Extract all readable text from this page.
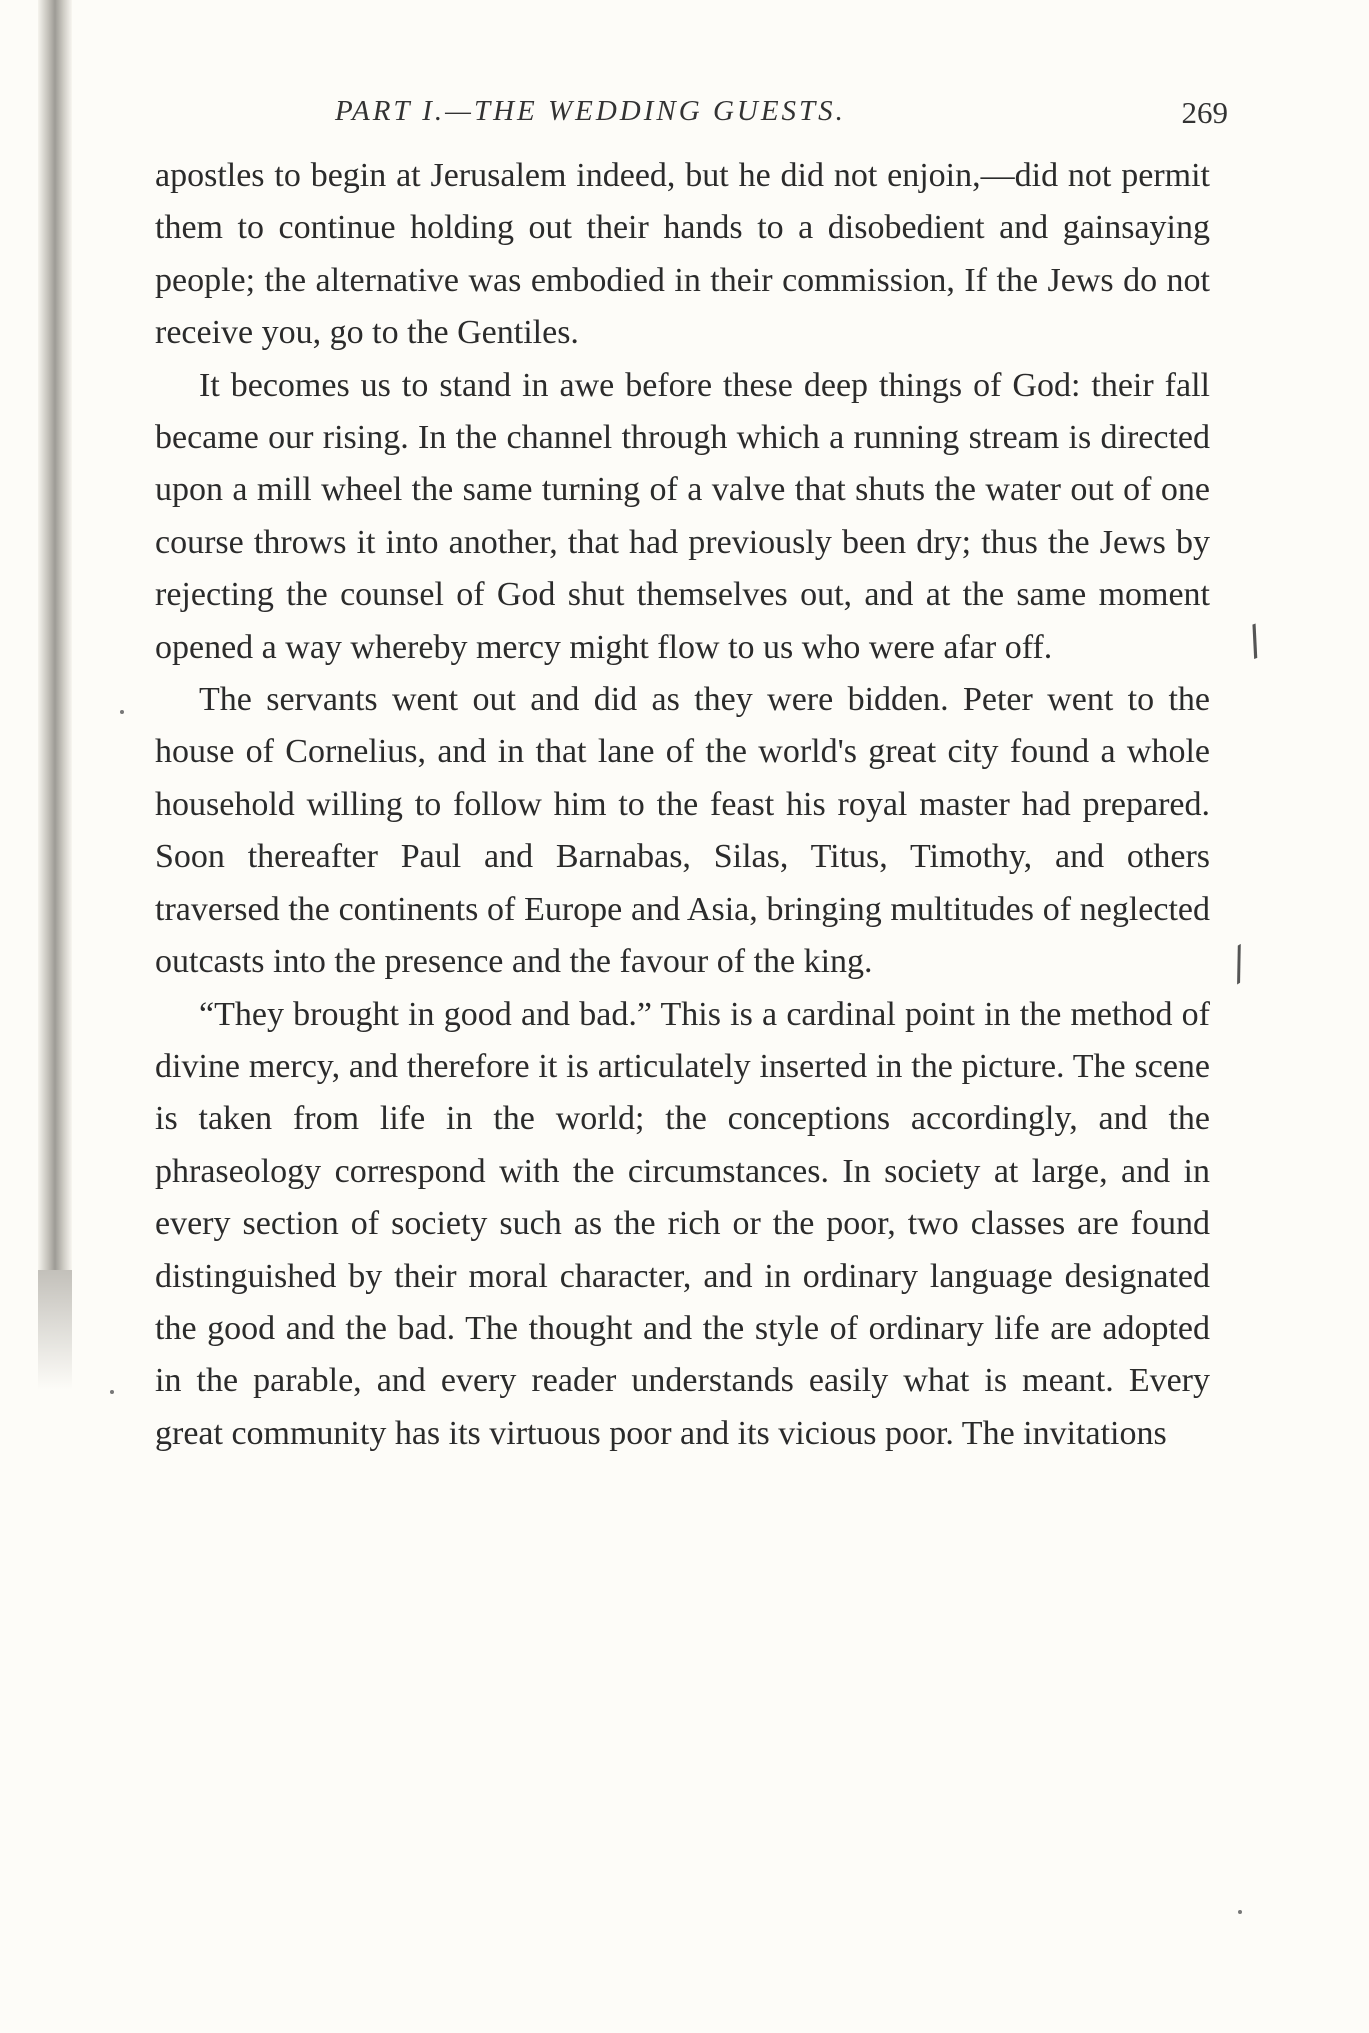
PART I.—THE WEDDING GUESTS.	269

apostles to begin at Jerusalem indeed, but he did not enjoin,—did not permit them to continue holding out their hands to a disobedient and gainsaying people; the alternative was embodied in their commission, If the Jews do not receive you, go to the Gentiles.

It becomes us to stand in awe before these deep things of God: their fall became our rising. In the channel through which a running stream is directed upon a mill wheel the same turning of a valve that shuts the water out of one course throws it into another, that had previously been dry; thus the Jews by rejecting the counsel of God shut themselves out, and at the same moment opened a way whereby mercy might flow to us who were afar off.

The servants went out and did as they were bidden. Peter went to the house of Cornelius, and in that lane of the world's great city found a whole household willing to follow him to the feast his royal master had prepared. Soon thereafter Paul and Barnabas, Silas, Titus, Timothy, and others traversed the continents of Europe and Asia, bringing multitudes of neglected outcasts into the presence and the favour of the king.

“They brought in good and bad.” This is a cardinal point in the method of divine mercy, and therefore it is articulately inserted in the picture. The scene is taken from life in the world; the conceptions accordingly, and the phraseology correspond with the circumstances. In society at large, and in every section of society such as the rich or the poor, two classes are found distinguished by their moral character, and in ordinary language designated the good and the bad. The thought and the style of ordinary life are adopted in the parable, and every reader understands easily what is meant. Every great community has its virtuous poor and its vicious poor. The invitations

/
⁄
